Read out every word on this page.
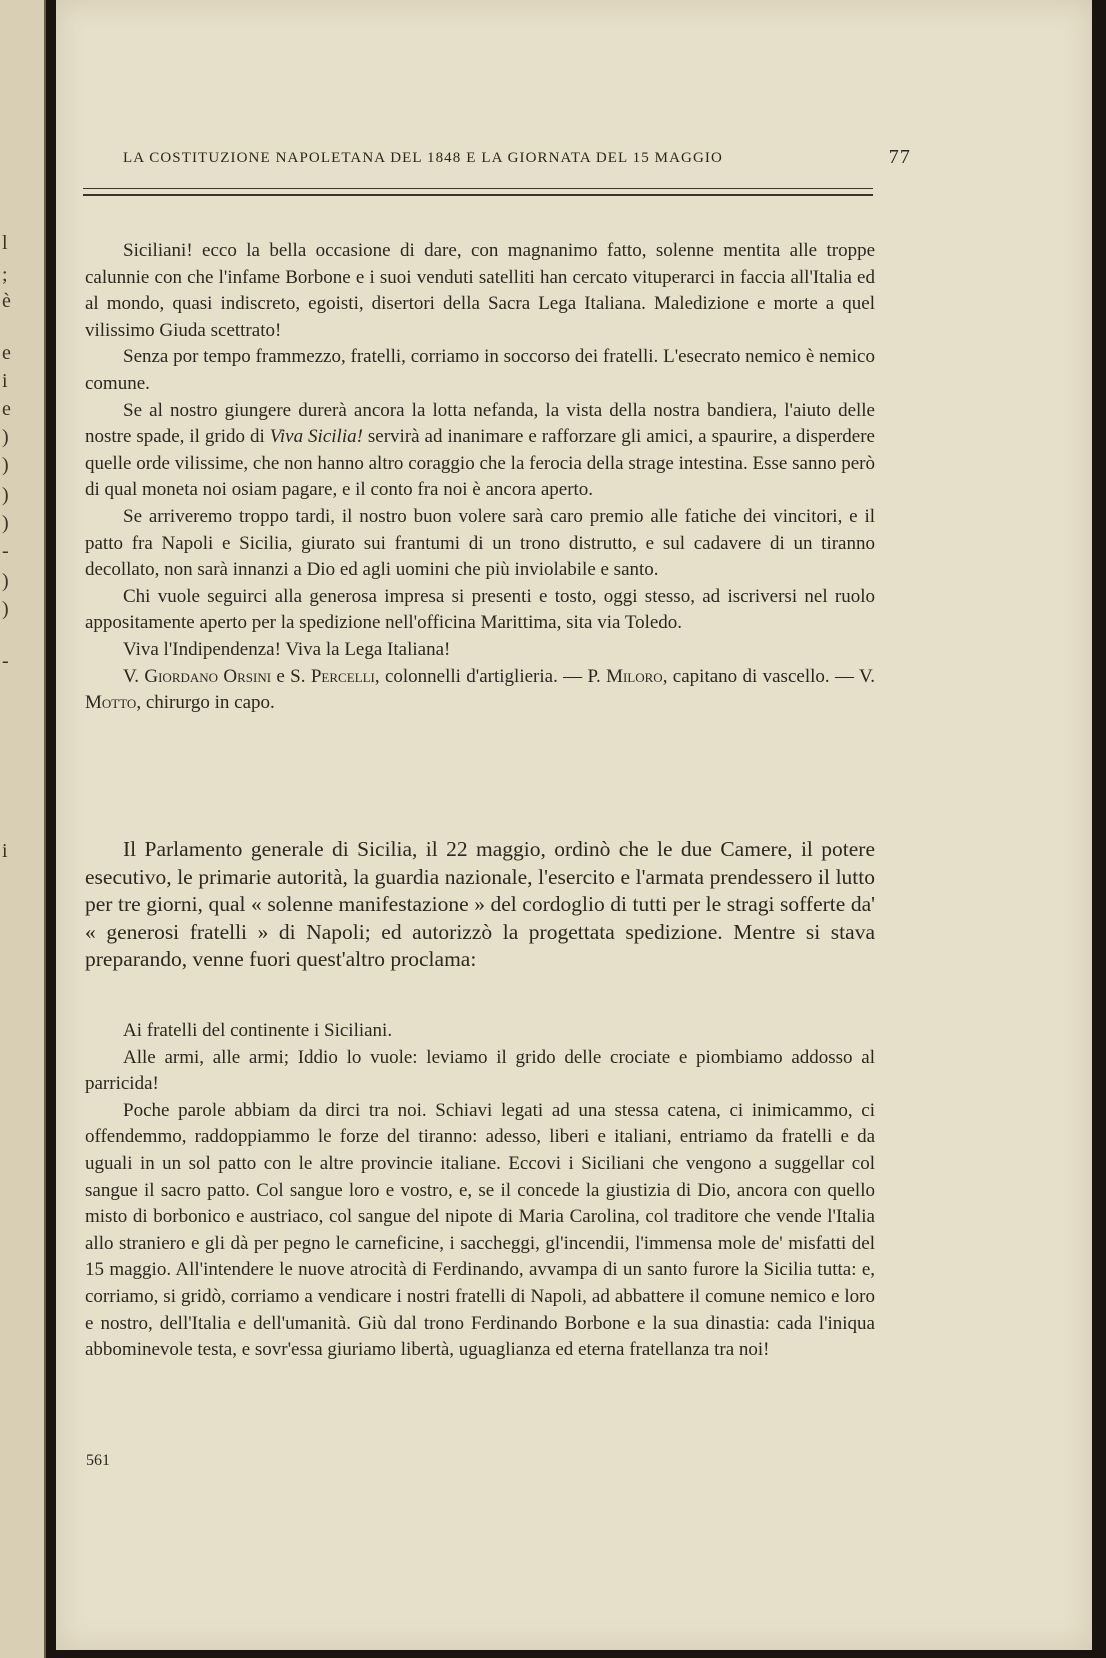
l
;
è
e
i
e
)
)
)
)
-
)
)
-
i
LA COSTITUZIONE NAPOLETANA DEL 1848 E LA GIORNATA DEL 15 MAGGIO	77

Siciliani! ecco la bella occasione di dare, con magnanimo fatto, solenne mentita alle troppe calunnie con che l'infame Borbone e i suoi venduti satelliti han cercato vituperarci in faccia all'Italia ed al mondo, quasi indiscreto, egoisti, disertori della Sacra Lega Italiana. Maledizione e morte a quel vilissimo Giuda scettrato!

Senza por tempo frammezzo, fratelli, corriamo in soccorso dei fratelli. L'esecrato nemico è nemico comune.

Se al nostro giungere durerà ancora la lotta nefanda, la vista della nostra bandiera, l'aiuto delle nostre spade, il grido di Viva Sicilia! servirà ad inanimare e rafforzare gli amici, a spaurire, a disperdere quelle orde vilissime, che non hanno altro coraggio che la ferocia della strage intestina. Esse sanno però di qual moneta noi osiam pagare, e il conto fra noi è ancora aperto.

Se arriveremo troppo tardi, il nostro buon volere sarà caro premio alle fatiche dei vincitori, e il patto fra Napoli e Sicilia, giurato sui frantumi di un trono distrutto, e sul cadavere di un tiranno decollato, non sarà innanzi a Dio ed agli uomini che più inviolabile e santo.

Chi vuole seguirci alla generosa impresa si presenti e tosto, oggi stesso, ad iscriversi nel ruolo appositamente aperto per la spedizione nell'officina Marittima, sita via Toledo.

Viva l'Indipendenza! Viva la Lega Italiana!

V. Giordano Orsini e S. Percelli, colonnelli d'artiglieria. — P. Miloro, capitano di vascello. — V. Motto, chirurgo in capo.

Il Parlamento generale di Sicilia, il 22 maggio, ordinò che le due Camere, il potere esecutivo, le primarie autorità, la guardia nazionale, l'esercito e l'armata prendessero il lutto per tre giorni, qual « solenne manifestazione » del cordoglio di tutti per le stragi sofferte da' « generosi fratelli » di Napoli; ed autorizzò la progettata spedizione. Mentre si stava preparando, venne fuori quest'altro proclama:

Ai fratelli del continente i Siciliani.

Alle armi, alle armi; Iddio lo vuole: leviamo il grido delle crociate e piombiamo addosso al parricida!

Poche parole abbiam da dirci tra noi. Schiavi legati ad una stessa catena, ci inimicammo, ci offendemmo, raddoppiammo le forze del tiranno: adesso, liberi e italiani, entriamo da fratelli e da uguali in un sol patto con le altre provincie italiane. Eccovi i Siciliani che vengono a suggellar col sangue il sacro patto. Col sangue loro e vostro, e, se il concede la giustizia di Dio, ancora con quello misto di borbonico e austriaco, col sangue del nipote di Maria Carolina, col traditore che vende l'Italia allo straniero e gli dà per pegno le carneficine, i saccheggi, gl'incendii, l'immensa mole de' misfatti del 15 maggio. All'intendere le nuove atrocità di Ferdinando, avvampa di un santo furore la Sicilia tutta: e, corriamo, si gridò, corriamo a vendicare i nostri fratelli di Napoli, ad abbattere il comune nemico e loro e nostro, dell'Italia e dell'umanità. Giù dal trono Ferdinando Borbone e la sua dinastia: cada l'iniqua abbominevole testa, e sovr'essa giuriamo libertà, uguaglianza ed eterna fratellanza tra noi!

561
